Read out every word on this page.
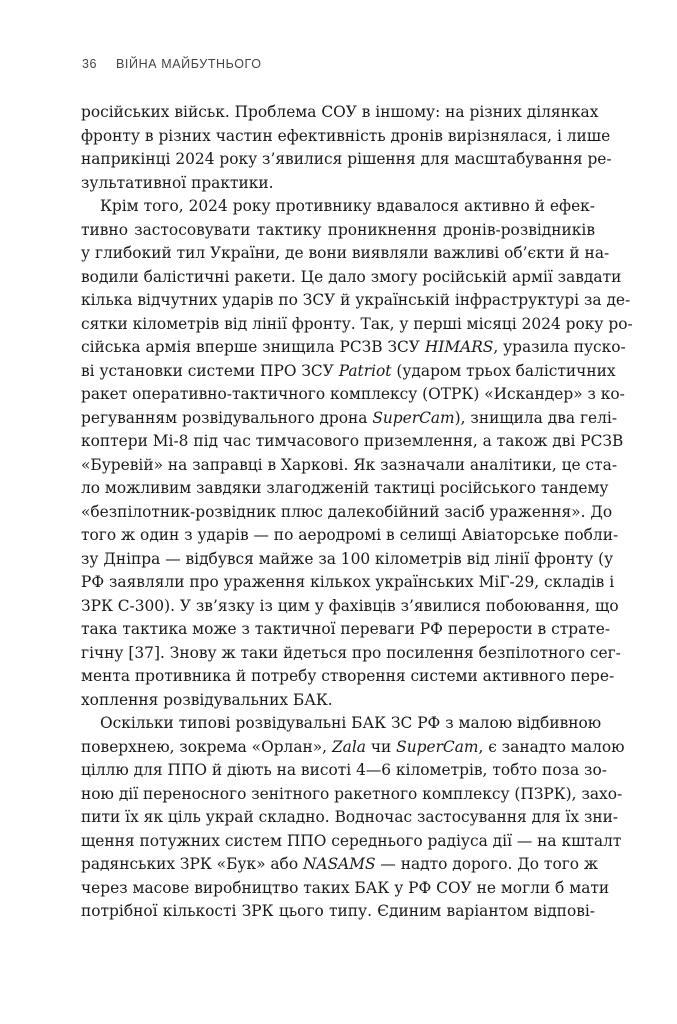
36 ВІЙНА МАЙБУТНЬОГО
російських військ. Проблема СОУ в іншому: на різних ділянках
фронту в різних частин ефективність дронів вирізнялася, і лише
наприкінці 2024 року з’явилися рішення для масштабування ре-
зультативної практики.
Крім того, 2024 року противнику вдавалося активно й ефек-
тивно застосовувати тактику проникнення дронів-розвідників
у глибокий тил України, де вони виявляли важливі об’єкти й на-
водили балістичні ракети. Це дало змогу російській армії завдати
кілька відчутних ударів по ЗСУ й українській інфраструктурі за де-
сятки кілометрів від лінії фронту. Так, у перші місяці 2024 року ро-
сійська армія вперше знищила РСЗВ ЗСУ HIMARS, уразила пуско-
ві установки системи ПРО ЗСУ Patriot (ударом трьох балістичних
ракет оперативно-тактичного комплексу (ОТРК) «Искандер» з ко-
регуванням розвідувального дрона SuperCam), знищила два гелі-
коптери Мі-8 під час тимчасового приземлення, а також дві РСЗВ
«Буревій» на заправці в Харкові. Як зазначали аналітики, це ста-
ло можливим завдяки злагодженій тактиці російського тандему
«безпілотник-розвідник плюс далекобійний засіб ураження». До
того ж один з ударів — по аеродромі в селищі Авіаторське побли-
зу Дніпра — відбувся майже за 100 кілометрів від лінії фронту (у
РФ заявляли про ураження кількох українських МіГ-29, складів і
ЗРК С-300). У зв’язку із цим у фахівців з’явилися побоювання, що
така тактика може з тактичної переваги РФ перерости в страте-
гічну [37]. Знову ж таки йдеться про посилення безпілотного сег-
мента противника й потребу створення системи активного пере-
хоплення розвідувальних БАК.
Оскільки типові розвідувальні БАК ЗС РФ з малою відбивною
поверхнею, зокрема «Орлан», Zala чи SuperCam, є занадто малою
ціллю для ППО й діють на висоті 4—6 кілометрів, тобто поза зо-
ною дії переносного зенітного ракетного комплексу (ПЗРК), захо-
пити їх як ціль украй складно. Водночас застосування для їх зни-
щення потужних систем ППО середнього радіуса дії — на кшталт
радянських ЗРК «Бук» або NASAMS — надто дорого. До того ж
через масове виробництво таких БАК у РФ СОУ не могли б мати
потрібної кількості ЗРК цього типу. Єдиним варіантом відпові-
